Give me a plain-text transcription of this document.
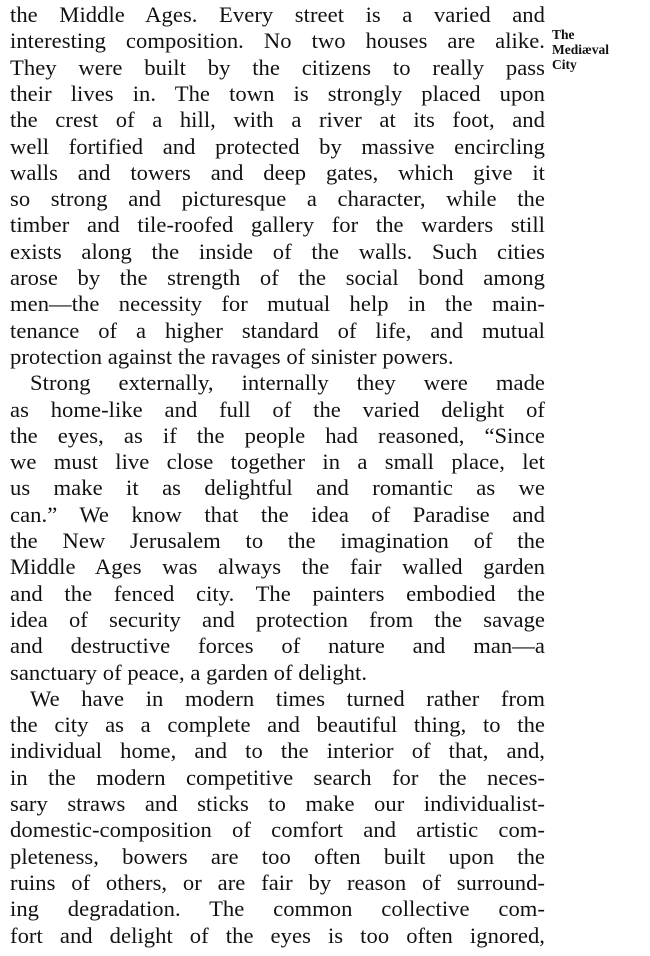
the Middle Ages. Every street is a varied and
interesting composition. No two houses are alike.
They were built by the citizens to really pass
their lives in. The town is strongly placed upon
the crest of a hill, with a river at its foot, and
well fortified and protected by massive encircling
walls and towers and deep gates, which give it
so strong and picturesque a character, while the
timber and tile-roofed gallery for the warders still
exists along the inside of the walls. Such cities
arose by the strength of the social bond among
men—the necessity for mutual help in the main-
tenance of a higher standard of life, and mutual
protection against the ravages of sinister powers.
Strong externally, internally they were made
as home-like and full of the varied delight of
the eyes, as if the people had reasoned, “Since
we must live close together in a small place, let
us make it as delightful and romantic as we
can.” We know that the idea of Paradise and
the New Jerusalem to the imagination of the
Middle Ages was always the fair walled garden
and the fenced city. The painters embodied the
idea of security and protection from the savage
and destructive forces of nature and man—a
sanctuary of peace, a garden of delight.
We have in modern times turned rather from
the city as a complete and beautiful thing, to the
individual home, and to the interior of that, and,
in the modern competitive search for the neces-
sary straws and sticks to make our individualist-
domestic-composition of comfort and artistic com-
pleteness, bowers are too often built upon the
ruins of others, or are fair by reason of surround-
ing degradation. The common collective com-
fort and delight of the eyes is too often ignored,
The
Mediæval
City
